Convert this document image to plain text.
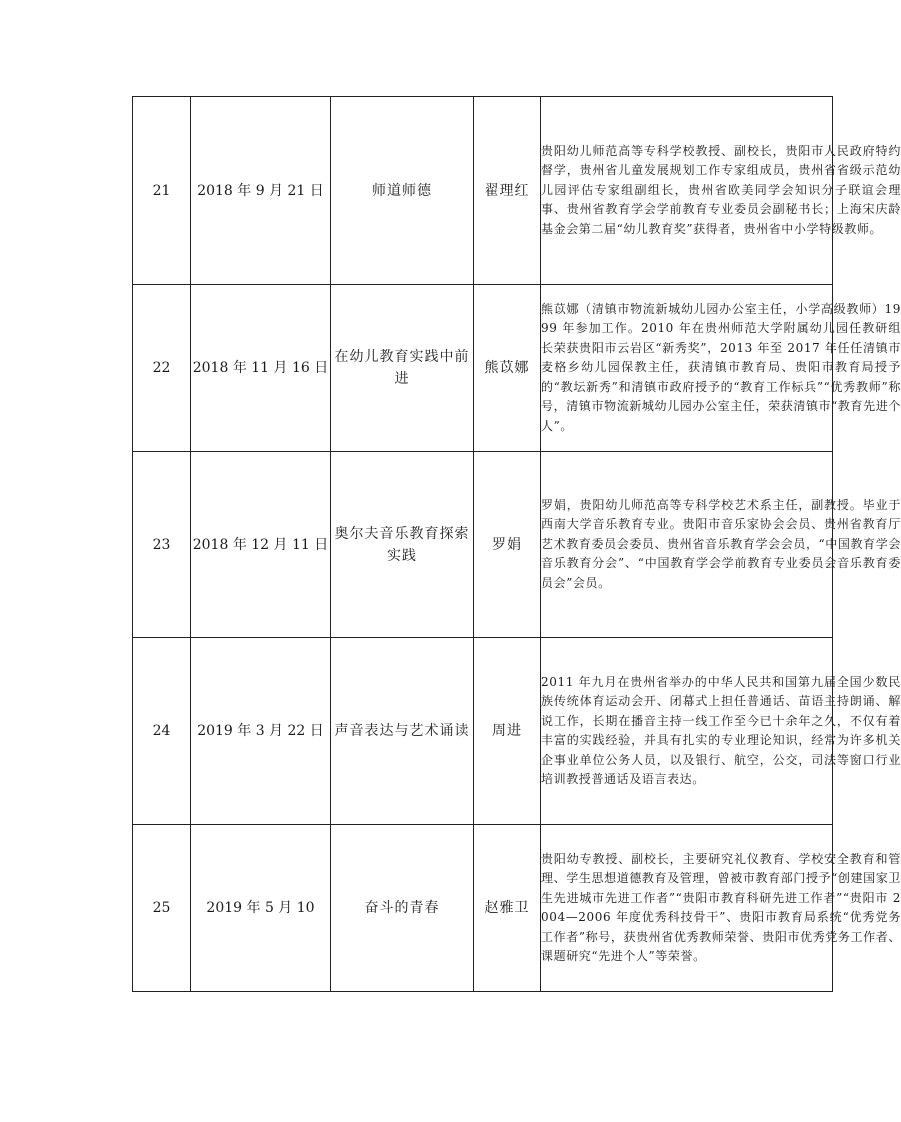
21	2018 年 9 月 21 日	师道师德	翟理红	贵阳幼儿师范高等专科学校教授、副校长，贵阳市人民政府特约督学，贵州省儿童发展规划工作专家组成员，贵州省省级示范幼儿园评估专家组副组长，贵州省欧美同学会知识分子联谊会理事、贵州省教育学会学前教育专业委员会副秘书长；上海宋庆龄基金会第二届“幼儿教育奖”获得者，贵州省中小学特级教师。

22	2018 年 11 月 16 日	在幼儿教育实践中前进	熊苡娜	熊苡娜（清镇市物流新城幼儿园办公室主任，小学高级教师）1999 年参加工作。2010 年在贵州师范大学附属幼儿园任教研组长荣获贵阳市云岩区“新秀奖”，2013 年至 2017 年任任清镇市麦格乡幼儿园保教主任，获清镇市教育局、贵阳市教育局授予的“教坛新秀”和清镇市政府授予的“教育工作标兵”“优秀教师”称号，清镇市物流新城幼儿园办公室主任，荣获清镇市“教育先进个人”。

23	2018 年 12 月 11 日	奥尔夫音乐教育探索实践	罗娟	罗娟，贵阳幼儿师范高等专科学校艺术系主任，副教授。毕业于西南大学音乐教育专业。贵阳市音乐家协会会员、贵州省教育厅艺术教育委员会委员、贵州省音乐教育学会会员，“中国教育学会音乐教育分会”、“中国教育学会学前教育专业委员会音乐教育委员会”会员。

24	2019 年 3 月 22 日	声音表达与艺术诵读	周进	2011 年九月在贵州省举办的中华人民共和国第九届全国少数民族传统体育运动会开、闭幕式上担任普通话、苗语主持朗诵、解说工作，长期在播音主持一线工作至今已十余年之久，不仅有着丰富的实践经验，并具有扎实的专业理论知识，经常为许多机关企事业单位公务人员，以及银行、航空，公交，司法等窗口行业培训教授普通话及语言表达。

25	2019 年 5 月 10	奋斗的青春	赵雅卫	贵阳幼专教授、副校长，主要研究礼仪教育、学校安全教育和管理、学生思想道德教育及管理，曾被市教育部门授予“创建国家卫生先进城市先进工作者”“贵阳市教育科研先进工作者”“贵阳市 2004—2006 年度优秀科技骨干”、贵阳市教育局系统“优秀党务工作者”称号，获贵州省优秀教师荣誉、贵阳市优秀党务工作者、课题研究“先进个人”等荣誉。
